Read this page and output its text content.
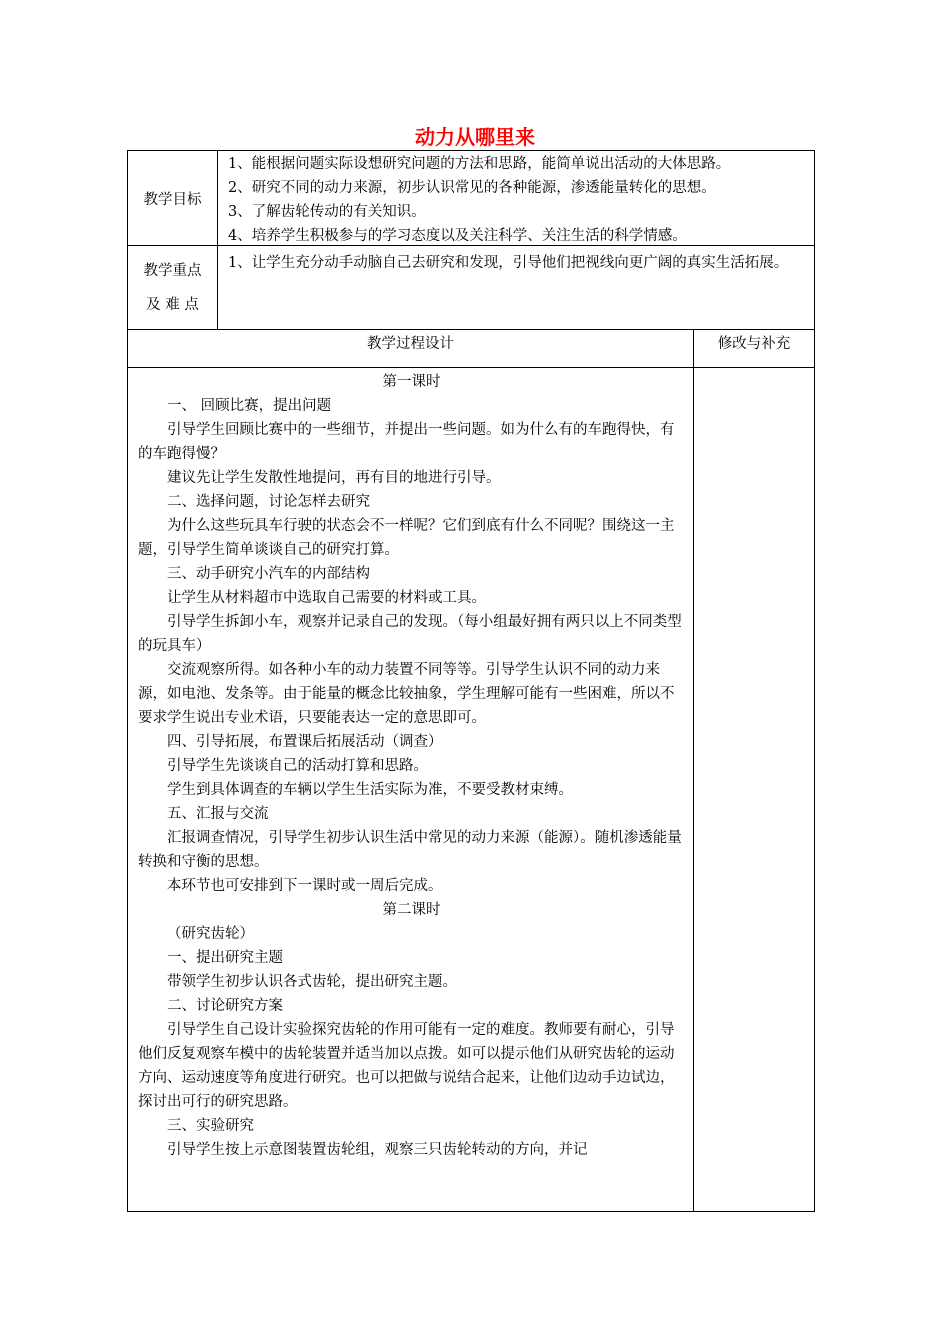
动力从哪里来
教学目标

1、能根据问题实际设想研究问题的方法和思路，能简单说出活动的大体思路。

2、研究不同的动力来源，初步认识常见的各种能源，渗透能量转化的思想。

3、了解齿轮传动的有关知识。

4、培养学生积极参与的学习态度以及关注科学、关注生活的科学情感。

教学重点
及 难 点

1、让学生充分动手动脑自己去研究和发现，引导他们把视线向更广阔的真实生活拓展。

教学过程设计	修改与补充

第一课时

一、 回顾比赛，提出问题

引导学生回顾比赛中的一些细节，并提出一些问题。如为什么有的车跑得快，有的车跑得慢？

建议先让学生发散性地提问，再有目的地进行引导。

二、选择问题，讨论怎样去研究

为什么这些玩具车行驶的状态会不一样呢？它们到底有什么不同呢？围绕这一主题，引导学生简单谈谈自己的研究打算。

三、动手研究小汽车的内部结构

让学生从材料超市中选取自己需要的材料或工具。

引导学生拆卸小车，观察并记录自己的发现。（每小组最好拥有两只以上不同类型的玩具车）

交流观察所得。如各种小车的动力装置不同等等。引导学生认识不同的动力来源，如电池、发条等。由于能量的概念比较抽象，学生理解可能有一些困难，所以不要求学生说出专业术语，只要能表达一定的意思即可。

四、引导拓展，布置课后拓展活动（调查）

引导学生先谈谈自己的活动打算和思路。

学生到具体调查的车辆以学生生活实际为准，不要受教材束缚。

五、汇报与交流

汇报调查情况，引导学生初步认识生活中常见的动力来源（能源）。随机渗透能量转换和守衡的思想。

本环节也可安排到下一课时或一周后完成。

第二课时

（研究齿轮）

一、提出研究主题

带领学生初步认识各式齿轮，提出研究主题。

二、讨论研究方案

引导学生自己设计实验探究齿轮的作用可能有一定的难度。教师要有耐心，引导他们反复观察车模中的齿轮装置并适当加以点拨。如可以提示他们从研究齿轮的运动方向、运动速度等角度进行研究。也可以把做与说结合起来，让他们边动手边试边，探讨出可行的研究思路。

三、实验研究

引导学生按上示意图装置齿轮组，观察三只齿轮转动的方向，并记
